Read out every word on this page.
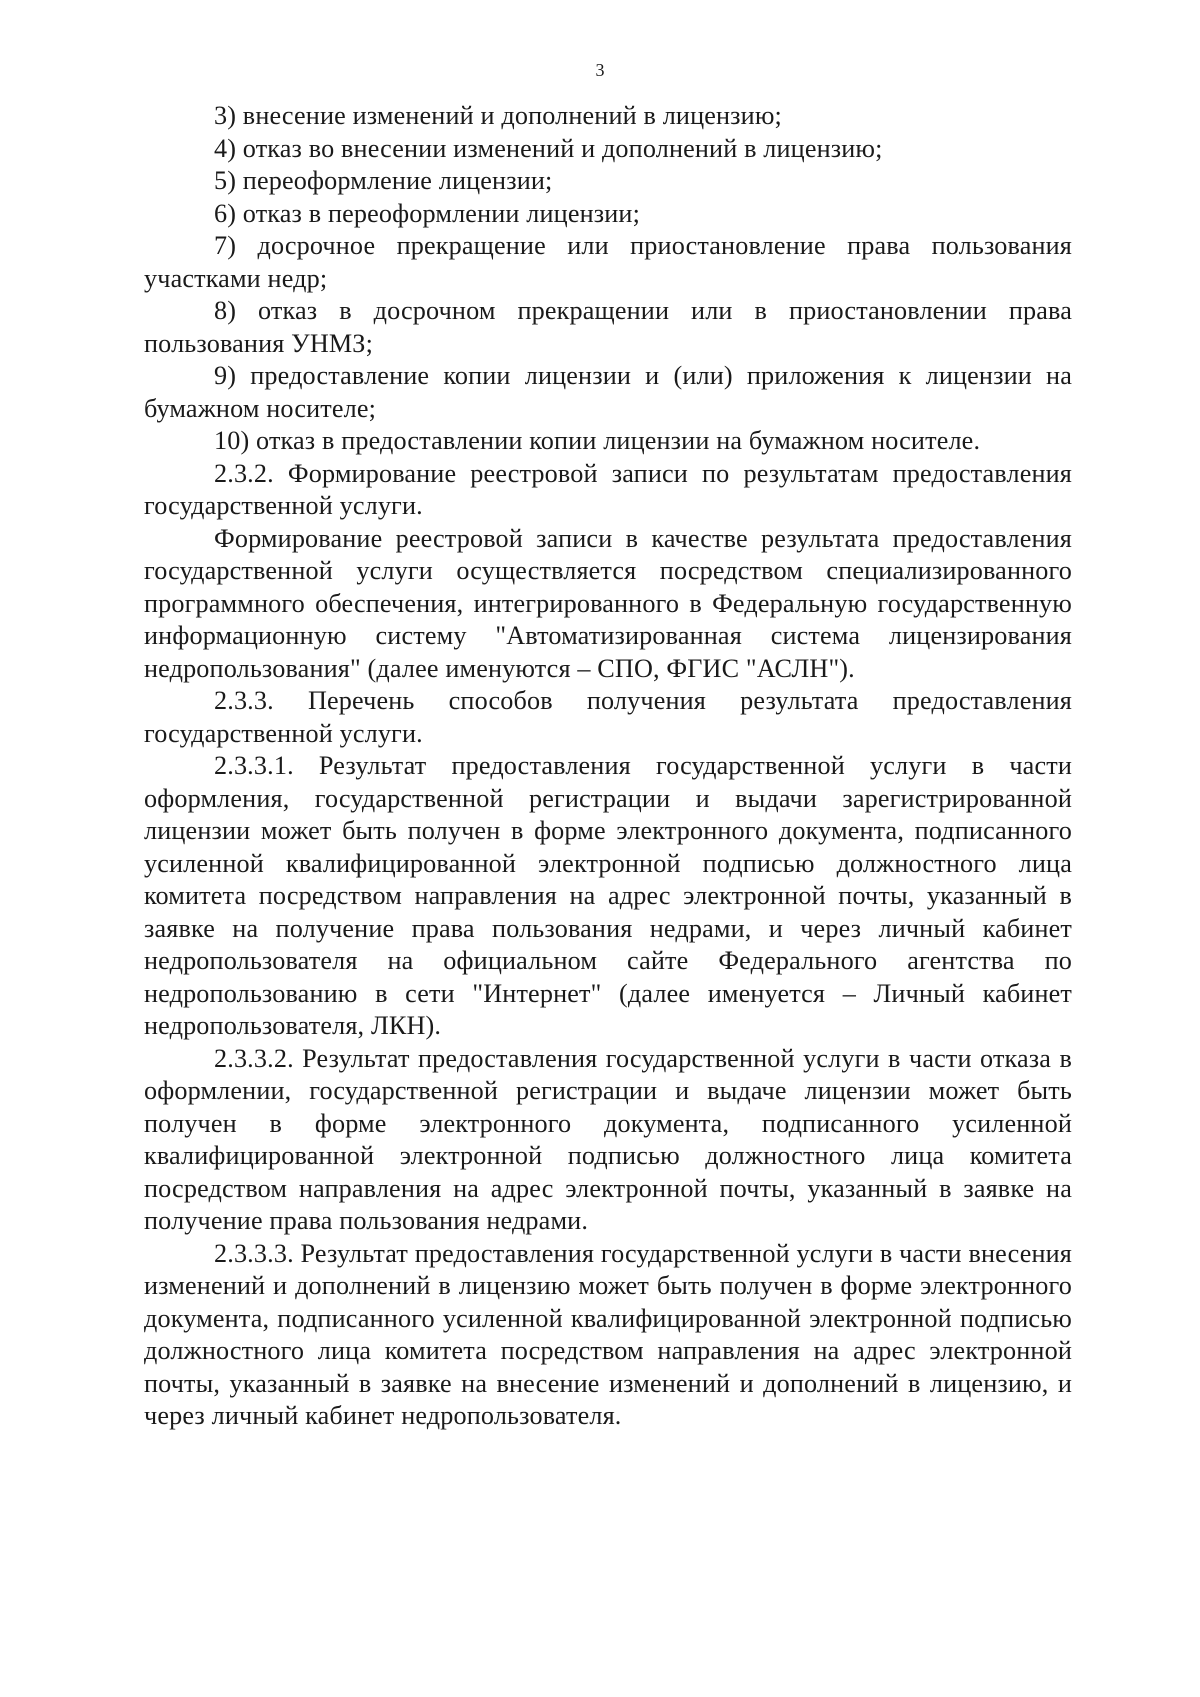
3

3) внесение изменений и дополнений в лицензию;

4) отказ во внесении изменений и дополнений в лицензию;

5) переоформление лицензии;

6) отказ в переоформлении лицензии;

7) досрочное прекращение или приостановление права пользования участками недр;

8) отказ в досрочном прекращении или в приостановлении права пользования УНМЗ;

9) предоставление копии лицензии и (или) приложения к лицензии на бумажном носителе;

10) отказ в предоставлении копии лицензии на бумажном носителе.

2.3.2. Формирование реестровой записи по результатам предоставления государственной услуги.

Формирование реестровой записи в качестве результата предоставления государственной услуги осуществляется посредством специализированного программного обеспечения, интегрированного в Федеральную государственную информационную систему "Автоматизированная система лицензирования недропользования" (далее именуются – СПО, ФГИС "АСЛН").

2.3.3. Перечень способов получения результата предоставления государственной услуги.

2.3.3.1. Результат предоставления государственной услуги в части оформления, государственной регистрации и выдачи зарегистрированной лицензии может быть получен в форме электронного документа, подписанного усиленной квалифицированной электронной подписью должностного лица комитета посредством направления на адрес электронной почты, указанный в заявке на получение права пользования недрами, и через личный кабинет недропользователя на официальном сайте Федерального агентства по недропользованию в сети "Интернет" (далее именуется – Личный кабинет недропользователя, ЛКН).

2.3.3.2. Результат предоставления государственной услуги в части отказа в оформлении, государственной регистрации и выдаче лицензии может быть получен в форме электронного документа, подписанного усиленной квалифицированной электронной подписью должностного лица комитета посредством направления на адрес электронной почты, указанный в заявке на получение права пользования недрами.

2.3.3.3. Результат предоставления государственной услуги в части внесения изменений и дополнений в лицензию может быть получен в форме электронного документа, подписанного усиленной квалифицированной электронной подписью должностного лица комитета посредством направления на адрес электронной почты, указанный в заявке на внесение изменений и дополнений в лицензию, и через личный кабинет недропользователя.
